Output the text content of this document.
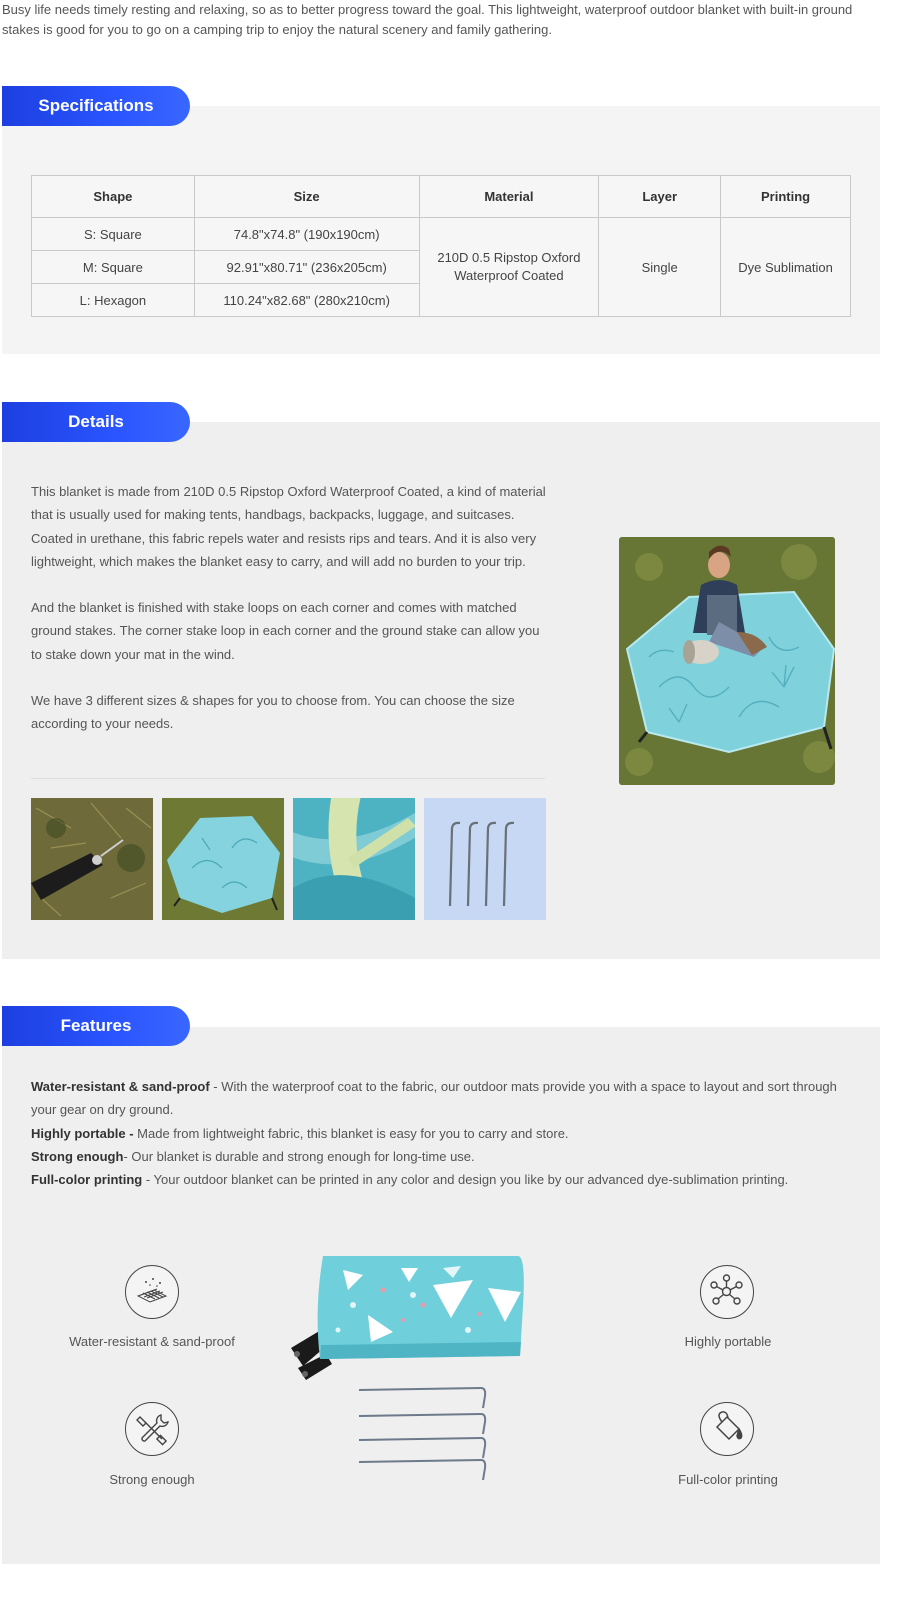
Busy life needs timely resting and relaxing, so as to better progress toward the goal. This lightweight, waterproof outdoor blanket with built-in ground stakes is good for you to go on a camping trip to enjoy the natural scenery and family gathering.
Specifications
Shape	Size	Material	Layer	Printing
S: Square	74.8"x74.8" (190x190cm)	210D 0.5 Ripstop Oxford Waterproof Coated	Single	Dye Sublimation
M: Square	92.91"x80.71" (236x205cm)			
L: Hexagon	110.24"x82.68" (280x210cm)			
Details

This blanket is made from 210D 0.5 Ripstop Oxford Waterproof Coated, a kind of material that is usually used for making tents, handbags, backpacks, luggage, and suitcases. Coated in urethane, this fabric repels water and resists rips and tears. And it is also very lightweight, which makes the blanket easy to carry, and will add no burden to your trip.

And the blanket is finished with stake loops on each corner and comes with matched ground stakes. The corner stake loop in each corner and the ground stake can allow you to stake down your mat in the wind.

We have 3 different sizes & shapes for you to choose from. You can choose the size according to your needs.

Features
Water-resistant & sand-proof - With the waterproof coat to the fabric, our outdoor mats provide you with a space to layout and sort through your gear on dry ground.
Highly portable - Made from lightweight fabric, this blanket is easy for you to carry and store.
Strong enough- Our blanket is durable and strong enough for long-time use.
Full-color printing - Your outdoor blanket can be printed in any color and design you like by our advanced dye-sublimation printing.
Water-resistant & sand-proof	Highly portable
Strong enough	Full-color printing
